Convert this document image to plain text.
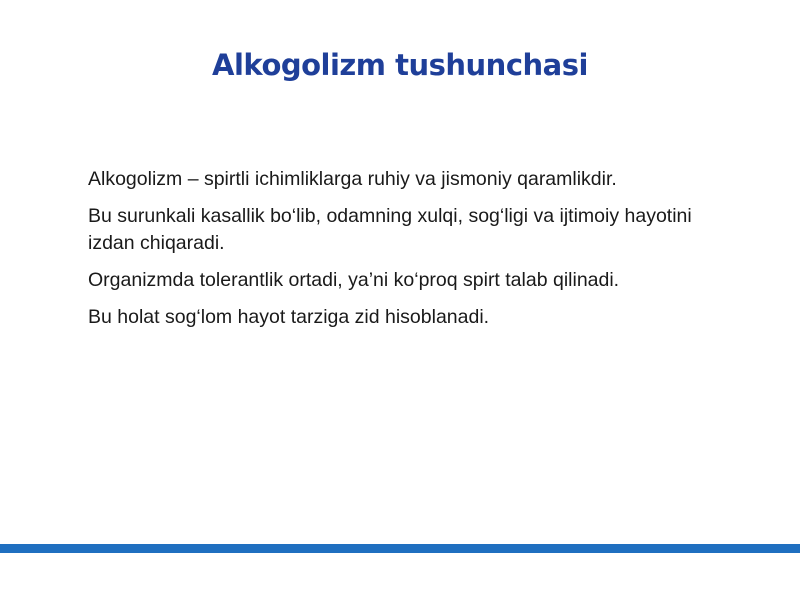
Alkogolizm tushunchasi

Alkogolizm – spirtli ichimliklarga ruhiy va jismoniy qaramlikdir.

Bu surunkali kasallik bo‘lib, odamning xulqi, sog‘ligi va ijtimoiy hayotini izdan chiqaradi.

Organizmda tolerantlik ortadi, ya’ni ko‘proq spirt talab qilinadi.

Bu holat sog‘lom hayot tarziga zid hisoblanadi.
